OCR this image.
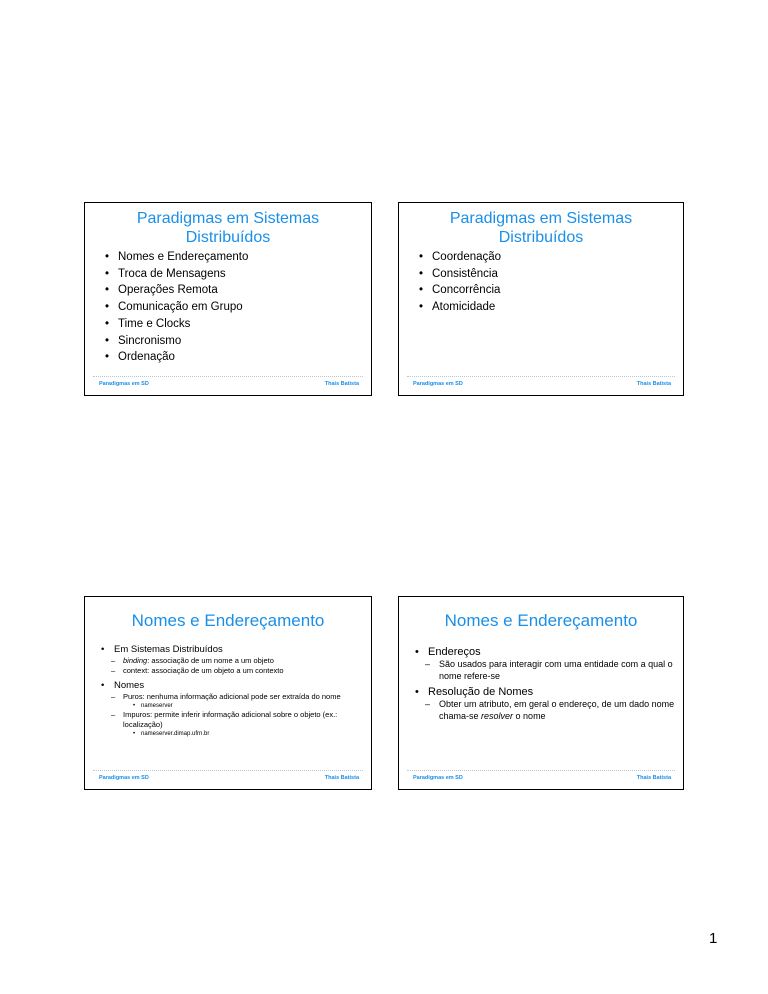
Paradigmas em Sistemas Distribuídos
• Nomes e Endereçamento
• Troca de Mensagens
• Operações Remota
• Comunicação em Grupo
• Time e Clocks
• Sincronismo
• Ordenação
Paradigmas em SD	Thais Batista
Paradigmas em Sistemas Distribuídos
• Coordenação
• Consistência
• Concorrência
• Atomicidade
Paradigmas em SD	Thais Batista
Nomes e Endereçamento
• Em Sistemas Distribuídos
– binding: associação de um nome a um objeto
– context: associação de um objeto a um contexto
• Nomes
– Puros: nenhuma informação adicional pode ser extraída do nome
• nameserver
– Impuros: permite inferir informação adicional sobre o objeto (ex.: localização)
• nameserver.dimap.ufrn.br
Paradigmas em SD	Thais Batista
Nomes e Endereçamento
• Endereços
– São usados para interagir com uma entidade com a qual o nome refere-se
• Resolução de Nomes
– Obter um atributo, em geral o endereço, de um dado nome chama-se resolver o nome
Paradigmas em SD	Thais Batista
1
